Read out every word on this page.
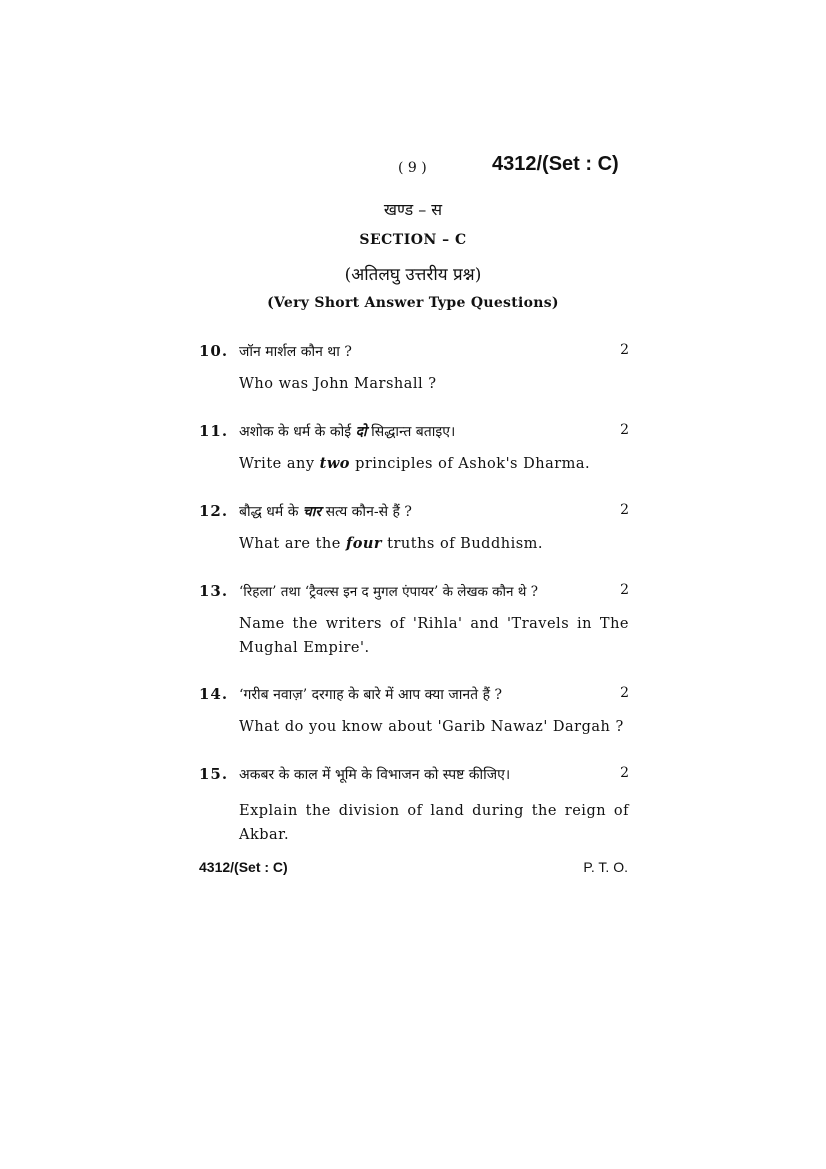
( 9 )	4312/(Set : C)
खण्ड – स
SECTION – C
(अतिलघु उत्तरीय प्रश्न)
(Very Short Answer Type Questions)
10. जॉन मार्शल कौन था ?	2
Who was John Marshall ?
11. अशोक के धर्म के कोई दो सिद्धान्त बताइए।	2
Write any two principles of Ashok's Dharma.
12. बौद्ध धर्म के चार सत्य कौन-से हैं ?	2
What are the four truths of Buddhism.
13. ‘रिहला’ तथा ‘ट्रैवल्स इन द मुगल एंपायर’ के लेखक कौन थे ?	2
Name the writers of 'Rihla' and 'Travels in The Mughal Empire'.
14. ‘गरीब नवाज़’ दरगाह के बारे में आप क्या जानते हैं ?	2
What do you know about 'Garib Nawaz' Dargah ?
15. अकबर के काल में भूमि के विभाजन को स्पष्ट कीजिए।	2
Explain the division of land during the reign of Akbar.
4312/(Set : C)	P. T. O.
